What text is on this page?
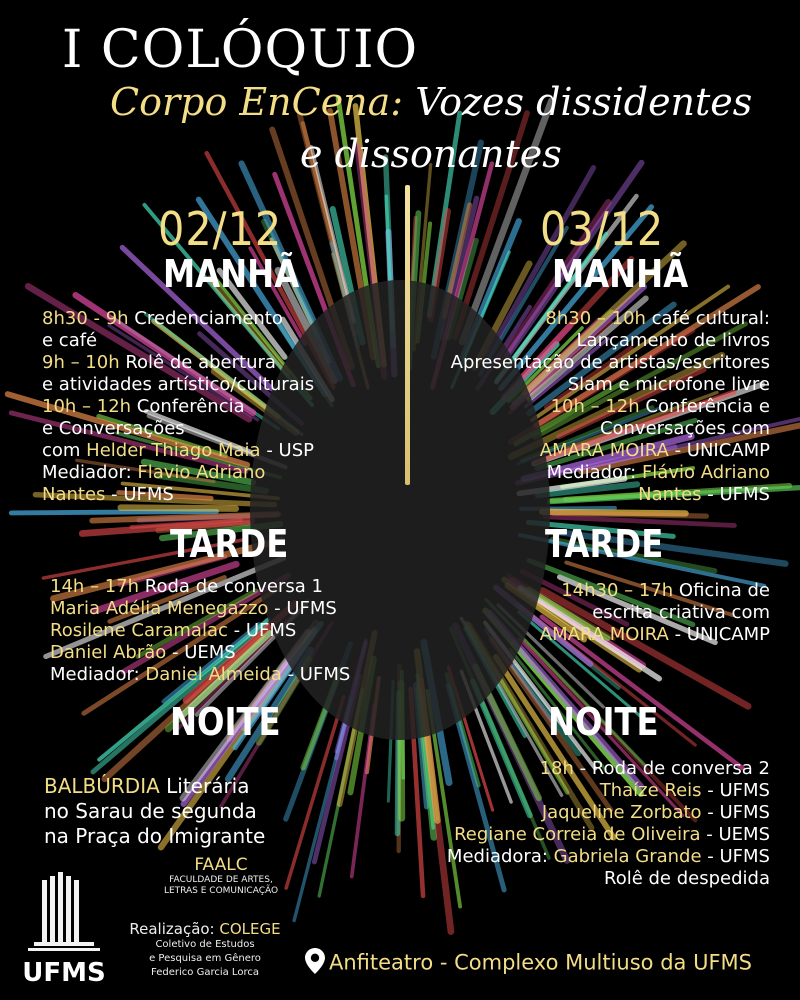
I COLÓQUIO
Corpo EnCena: Vozes dissidentes
e dissonantes
02/12
MANHÃ
8h30 - 9h Credenciamento
e café
9h – 10h Rolê de abertura
e atividades artístico/culturais
10h – 12h Conferência
e Conversações
com Helder Thiago Maia - USP
Mediador: Flavio Adriano
Nantes - UFMS
TARDE
14h – 17h Roda de conversa 1
Maria Adélia Menegazzo - UFMS
Rosilene Caramalac - UFMS
Daniel Abrão - UEMS
Mediador: Daniel Almeida - UFMS
NOITE
BALBÚRDIA Literária
no Sarau de segunda
na Praça do Imigrante
03/12
MANHÃ
8h30 – 10h café cultural:
Lançamento de livros
Apresentação de artistas/escritores
Slam e microfone livre
10h – 12h Conferência e
Conversações com
AMARA MOIRA - UNICAMP
Mediador: Flávio Adriano
Nantes - UFMS
TARDE
14h30 – 17h Oficina de
escrita criativa com
AMARA MOIRA - UNICAMP
NOITE
18h - Roda de conversa 2
Thaíze Reis - UFMS
Jaqueline Zorbato - UFMS
Regiane Correia de Oliveira - UEMS
Mediadora: Gabriela Grande - UFMS
Rolê de despedida
UFMS
FAALC
FACULDADE DE ARTES,
LETRAS E COMUNICAÇÃO
Realização: COLEGE
Coletivo de Estudos
e Pesquisa em Gênero
Federico Garcia Lorca	Anfiteatro - Complexo Multiuso da UFMS
